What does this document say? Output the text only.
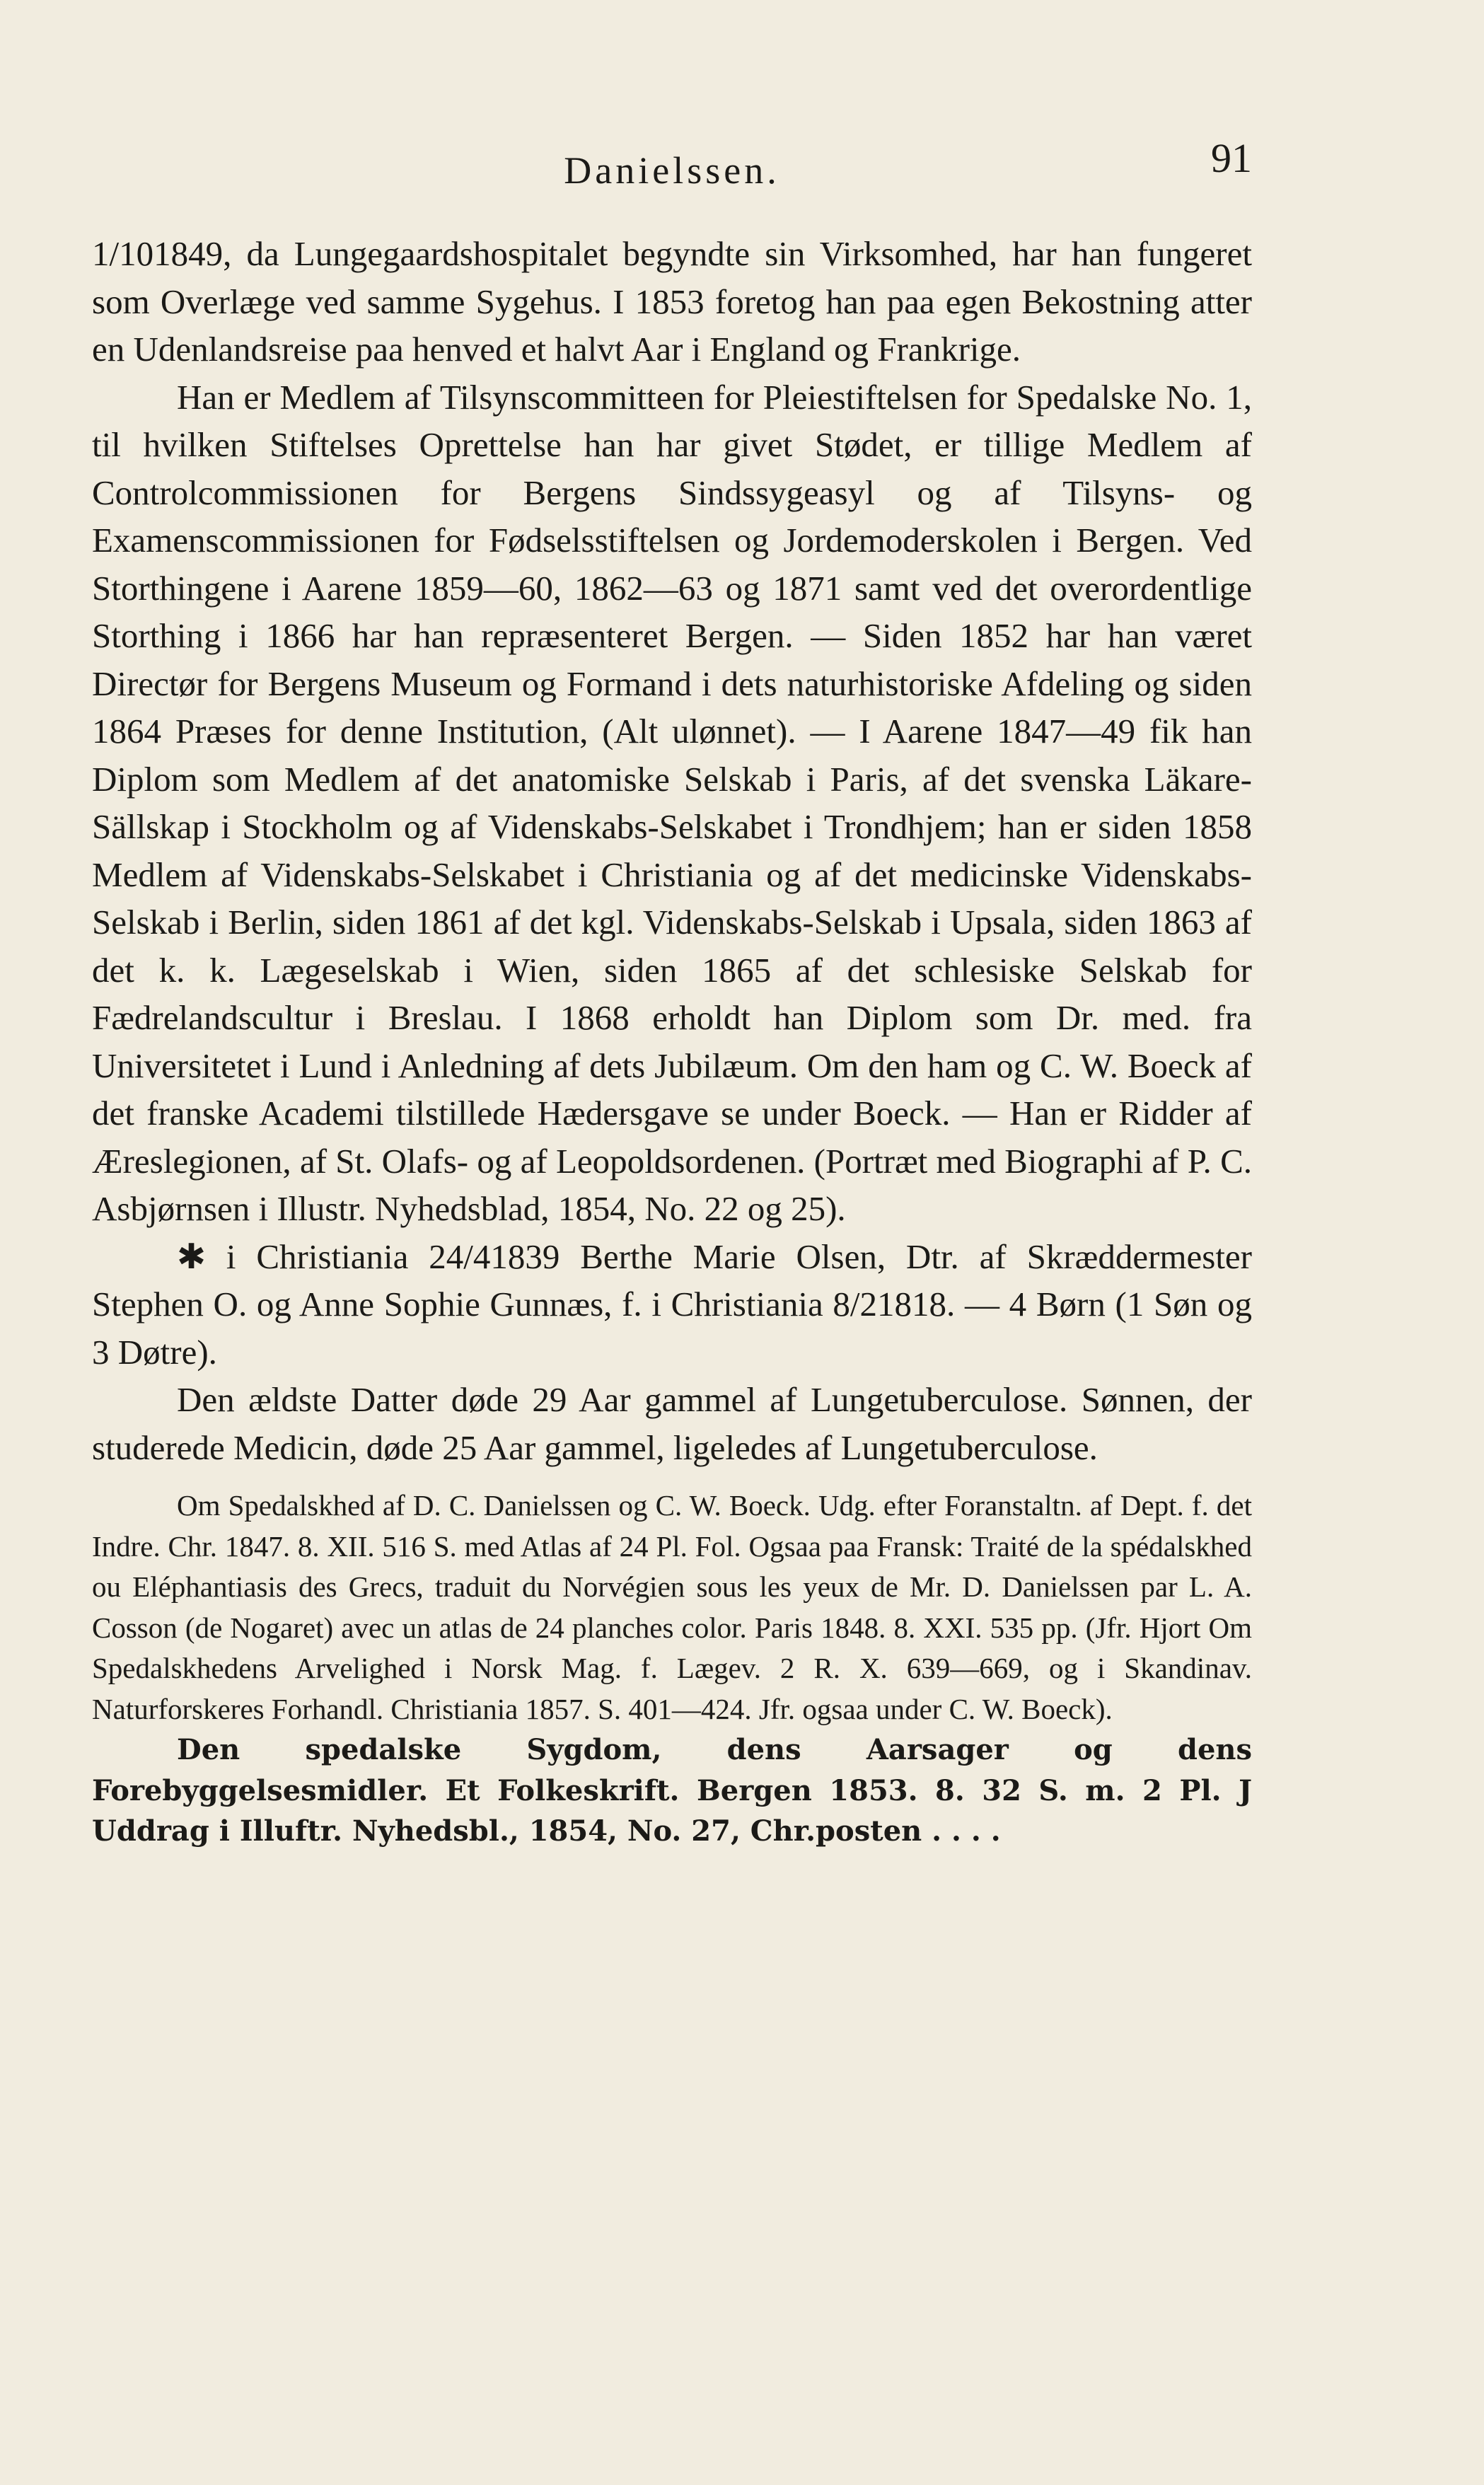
Danielssen.	91

1/101849, da Lungegaardshospitalet begyndte sin Virksomhed, har han fungeret som Overlæge ved samme Sygehus. I 1853 foretog han paa egen Bekostning atter en Udenlandsreise paa henved et halvt Aar i England og Frankrige.

Han er Medlem af Tilsynscommitteen for Pleiestiftelsen for Spedalske No. 1, til hvilken Stiftelses Oprettelse han har givet Stødet, er tillige Medlem af Controlcommissionen for Bergens Sindssygeasyl og af Tilsyns- og Examenscommissionen for Fødselsstiftelsen og Jordemoderskolen i Bergen. Ved Storthingene i Aarene 1859—60, 1862—63 og 1871 samt ved det overordentlige Storthing i 1866 har han repræsenteret Bergen. — Siden 1852 har han været Directør for Bergens Museum og Formand i dets naturhistoriske Afdeling og siden 1864 Præses for denne Institution, (Alt ulønnet). — I Aarene 1847—49 fik han Diplom som Medlem af det anatomiske Selskab i Paris, af det svenska Läkare-Sällskap i Stockholm og af Videnskabs-Selskabet i Trondhjem; han er siden 1858 Medlem af Videnskabs-Selskabet i Christiania og af det medicinske Videnskabs-Selskab i Berlin, siden 1861 af det kgl. Videnskabs-Selskab i Upsala, siden 1863 af det k. k. Lægeselskab i Wien, siden 1865 af det schlesiske Selskab for Fædrelandscultur i Breslau. I 1868 erholdt han Diplom som Dr. med. fra Universitetet i Lund i Anledning af dets Jubilæum. Om den ham og C. W. Boeck af det franske Academi tilstillede Hædersgave se under Boeck. — Han er Ridder af Æreslegionen, af St. Olafs- og af Leopoldsordenen. (Portræt med Biographi af P. C. Asbjørnsen i Illustr. Nyhedsblad, 1854, No. 22 og 25).

✱ i Christiania 24/41839 Berthe Marie Olsen, Dtr. af Skræddermester Stephen O. og Anne Sophie Gunnæs, f. i Christiania 8/21818. — 4 Børn (1 Søn og 3 Døtre).

Den ældste Datter døde 29 Aar gammel af Lungetuberculose. Sønnen, der studerede Medicin, døde 25 Aar gammel, ligeledes af Lungetuberculose.

Om Spedalskhed af D. C. Danielssen og C. W. Boeck. Udg. efter Foranstaltn. af Dept. f. det Indre. Chr. 1847. 8. XII. 516 S. med Atlas af 24 Pl. Fol. Ogsaa paa Fransk: Traité de la spédalskhed ou Eléphantiasis des Grecs, traduit du Norvégien sous les yeux de Mr. D. Danielssen par L. A. Cosson (de Nogaret) avec un atlas de 24 planches color. Paris 1848. 8. XXI. 535 pp. (Jfr. Hjort Om Spedalskhedens Arvelighed i Norsk Mag. f. Lægev. 2 R. X. 639—669, og i Skandinav. Naturforskeres Forhandl. Christiania 1857. S. 401—424. Jfr. ogsaa under C. W. Boeck).

Den spedalske Sygdom, dens Aarsager og dens Forebyggelsesmidler. Et Folkeskrift. Bergen 1853. 8. 32 S. m. 2 Pl. J Uddrag i Illuftr. Nyhedsbl., 1854, No. 27, Chr.posten . . . .
